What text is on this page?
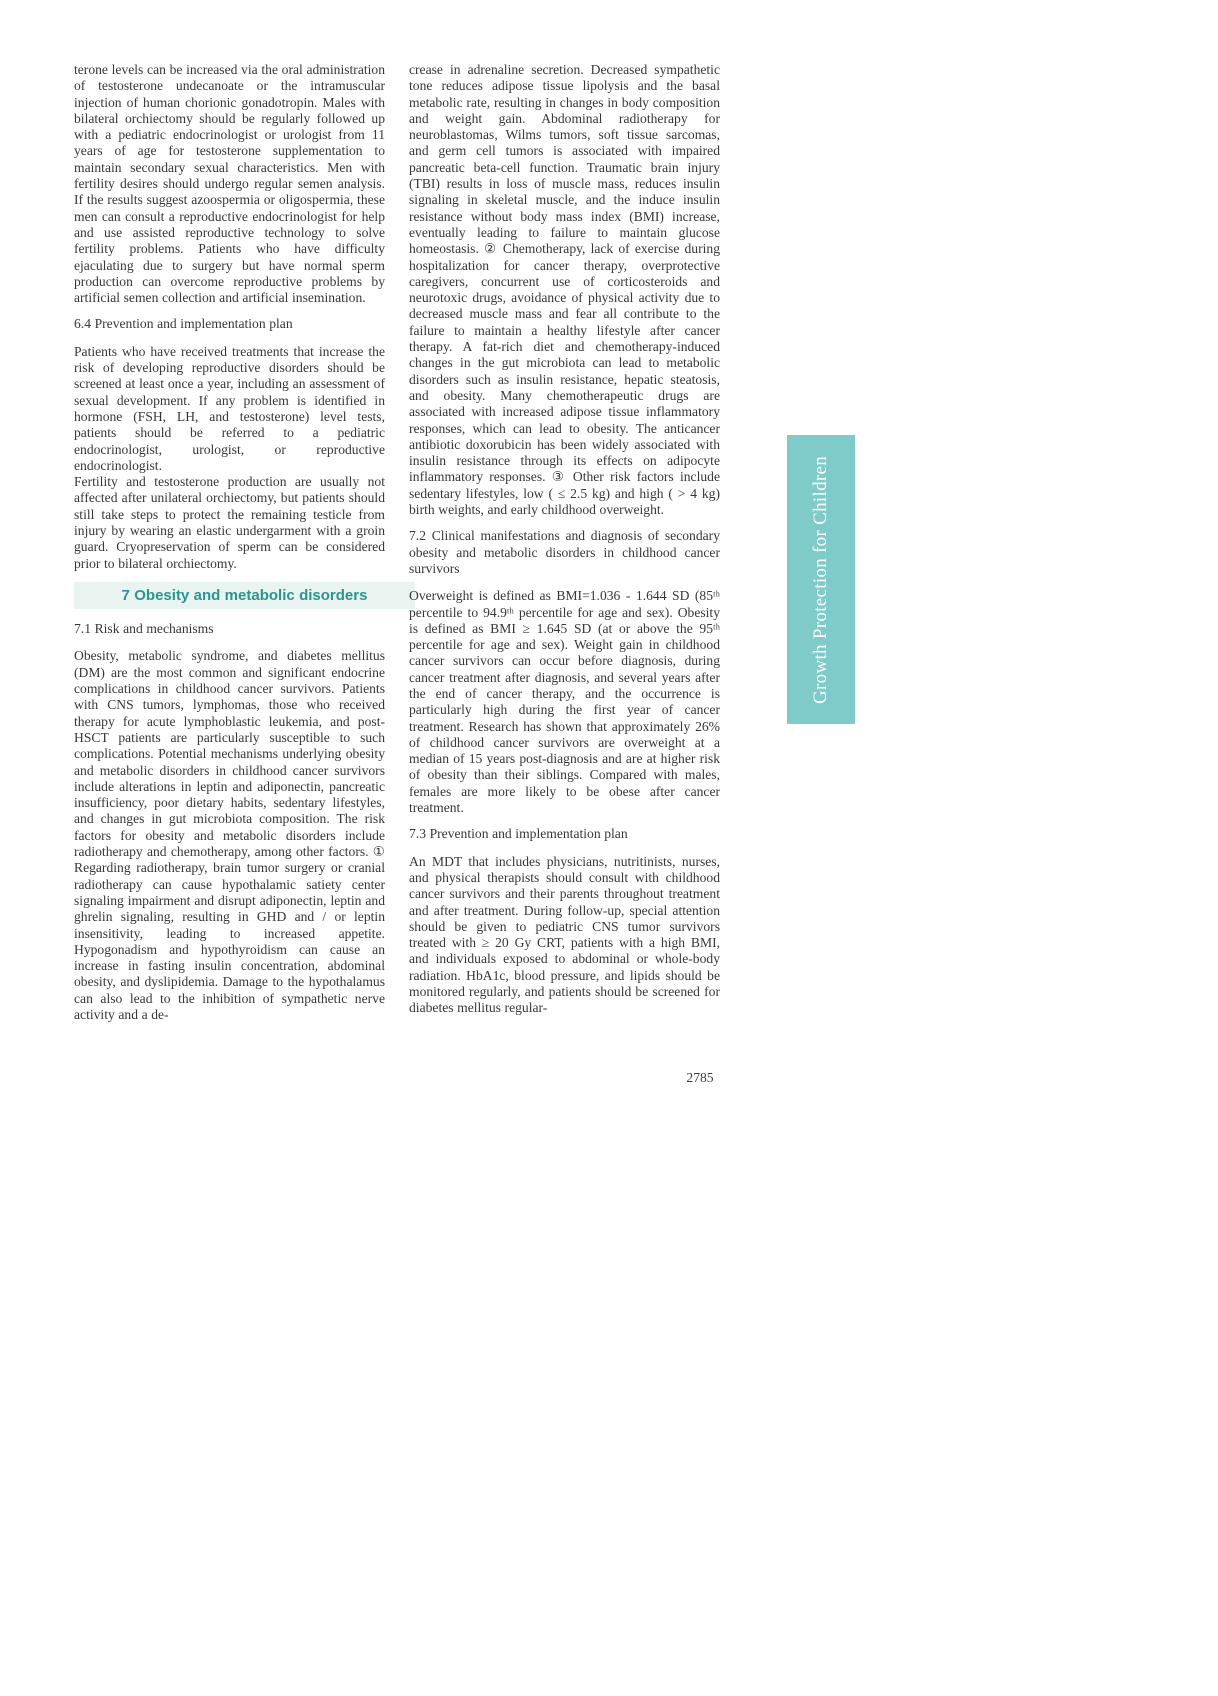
terone levels can be increased via the oral administration of testosterone undecanoate or the intramuscular injection of human chorionic gonadotropin. Males with bilateral orchiectomy should be regularly followed up with a pediatric endocrinologist or urologist from 11 years of age for testosterone supplementation to maintain secondary sexual characteristics. Men with fertility desires should undergo regular semen analysis. If the results suggest azoospermia or oligospermia, these men can consult a reproductive endocrinologist for help and use assisted reproductive technology to solve fertility problems. Patients who have difficulty ejaculating due to surgery but have normal sperm production can overcome reproductive problems by artificial semen collection and artificial insemination.

6.4 Prevention and implementation plan

Patients who have received treatments that increase the risk of developing reproductive disorders should be screened at least once a year, including an assessment of sexual development. If any problem is identified in hormone (FSH, LH, and testosterone) level tests, patients should be referred to a pediatric endocrinologist, urologist, or reproductive endocrinologist.

Fertility and testosterone production are usually not affected after unilateral orchiectomy, but patients should still take steps to protect the remaining testicle from injury by wearing an elastic undergarment with a groin guard. Cryopreservation of sperm can be considered prior to bilateral orchiectomy.

7 Obesity and metabolic disorders

7.1 Risk and mechanisms

Obesity, metabolic syndrome, and diabetes mellitus (DM) are the most common and significant endocrine complications in childhood cancer survivors. Patients with CNS tumors, lymphomas, those who received therapy for acute lymphoblastic leukemia, and post-HSCT patients are particularly susceptible to such complications. Potential mechanisms underlying obesity and metabolic disorders in childhood cancer survivors include alterations in leptin and adiponectin, pancreatic insufficiency, poor dietary habits, sedentary lifestyles, and changes in gut microbiota composition. The risk factors for obesity and metabolic disorders include radiotherapy and chemotherapy, among other factors. ① Regarding radiotherapy, brain tumor surgery or cranial radiotherapy can cause hypothalamic satiety center signaling impairment and disrupt adiponectin, leptin and ghrelin signaling, resulting in GHD and / or leptin insensitivity, leading to increased appetite. Hypogonadism and hypothyroidism can cause an increase in fasting insulin concentration, abdominal obesity, and dyslipidemia. Damage to the hypothalamus can also lead to the inhibition of sympathetic nerve activity and a de-

crease in adrenaline secretion. Decreased sympathetic tone reduces adipose tissue lipolysis and the basal metabolic rate, resulting in changes in body composition and weight gain. Abdominal radiotherapy for neuroblastomas, Wilms tumors, soft tissue sarcomas, and germ cell tumors is associated with impaired pancreatic beta-cell function. Traumatic brain injury (TBI) results in loss of muscle mass, reduces insulin signaling in skeletal muscle, and the induce insulin resistance without body mass index (BMI) increase, eventually leading to failure to maintain glucose homeostasis. ② Chemotherapy, lack of exercise during hospitalization for cancer therapy, overprotective caregivers, concurrent use of corticosteroids and neurotoxic drugs, avoidance of physical activity due to decreased muscle mass and fear all contribute to the failure to maintain a healthy lifestyle after cancer therapy. A fat-rich diet and chemotherapy-induced changes in the gut microbiota can lead to metabolic disorders such as insulin resistance, hepatic steatosis, and obesity. Many chemotherapeutic drugs are associated with increased adipose tissue inflammatory responses, which can lead to obesity. The anticancer antibiotic doxorubicin has been widely associated with insulin resistance through its effects on adipocyte inflammatory responses. ③ Other risk factors include sedentary lifestyles, low ( ≤ 2.5 kg) and high ( > 4 kg) birth weights, and early childhood overweight.

7.2 Clinical manifestations and diagnosis of secondary obesity and metabolic disorders in childhood cancer survivors

Overweight is defined as BMI=1.036 - 1.644 SD (85ᵗʰ percentile to 94.9ᵗʰ percentile for age and sex). Obesity is defined as BMI ≥ 1.645 SD (at or above the 95ᵗʰ percentile for age and sex). Weight gain in childhood cancer survivors can occur before diagnosis, during cancer treatment after diagnosis, and several years after the end of cancer therapy, and the occurrence is particularly high during the first year of cancer treatment. Research has shown that approximately 26% of childhood cancer survivors are overweight at a median of 15 years post-diagnosis and are at higher risk of obesity than their siblings. Compared with males, females are more likely to be obese after cancer treatment.

7.3 Prevention and implementation plan

An MDT that includes physicians, nutritinists, nurses, and physical therapists should consult with childhood cancer survivors and their parents throughout treatment and after treatment. During follow-up, special attention should be given to pediatric CNS tumor survivors treated with ≥ 20 Gy CRT, patients with a high BMI, and individuals exposed to abdominal or whole-body radiation. HbA1c, blood pressure, and lipids should be monitored regularly, and patients should be screened for diabetes mellitus regular-

Growth Protection for Children
2785
